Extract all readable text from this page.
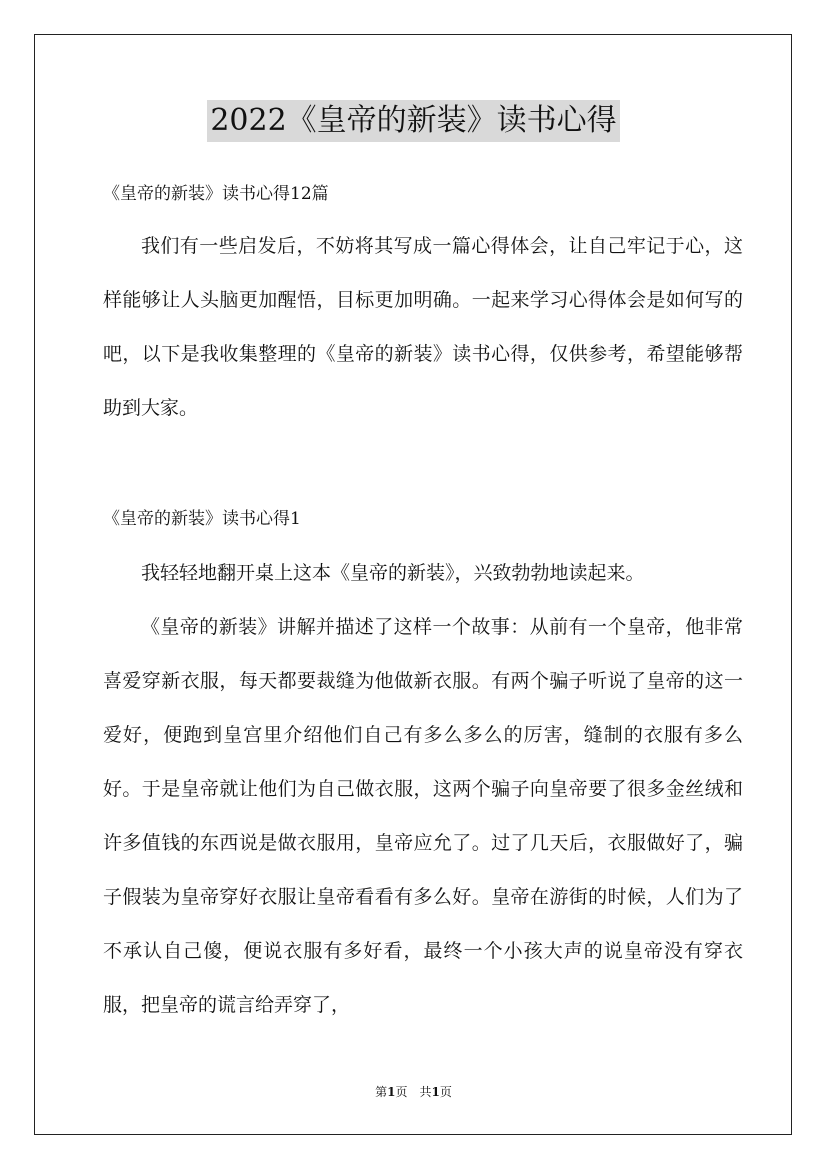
2022《皇帝的新装》读书心得
《皇帝的新装》读书心得12篇

我们有一些启发后，不妨将其写成一篇心得体会，让自己牢记于心，这样能够让人头脑更加醒悟，目标更加明确。一起来学习心得体会是如何写的吧，以下是我收集整理的《皇帝的新装》读书心得，仅供参考，希望能够帮助到大家。

《皇帝的新装》读书心得1

我轻轻地翻开桌上这本《皇帝的新装》，兴致勃勃地读起来。

《皇帝的新装》讲解并描述了这样一个故事：从前有一个皇帝，他非常喜爱穿新衣服，每天都要裁缝为他做新衣服。有两个骗子听说了皇帝的这一爱好，便跑到皇宫里介绍他们自己有多么多么的厉害，缝制的衣服有多么好。于是皇帝就让他们为自己做衣服，这两个骗子向皇帝要了很多金丝绒和许多值钱的东西说是做衣服用，皇帝应允了。过了几天后，衣服做好了，骗子假装为皇帝穿好衣服让皇帝看看有多么好。皇帝在游街的时候，人们为了不承认自己傻，便说衣服有多好看，最终一个小孩大声的说皇帝没有穿衣服，把皇帝的谎言给弄穿了，

第1页　共1页
